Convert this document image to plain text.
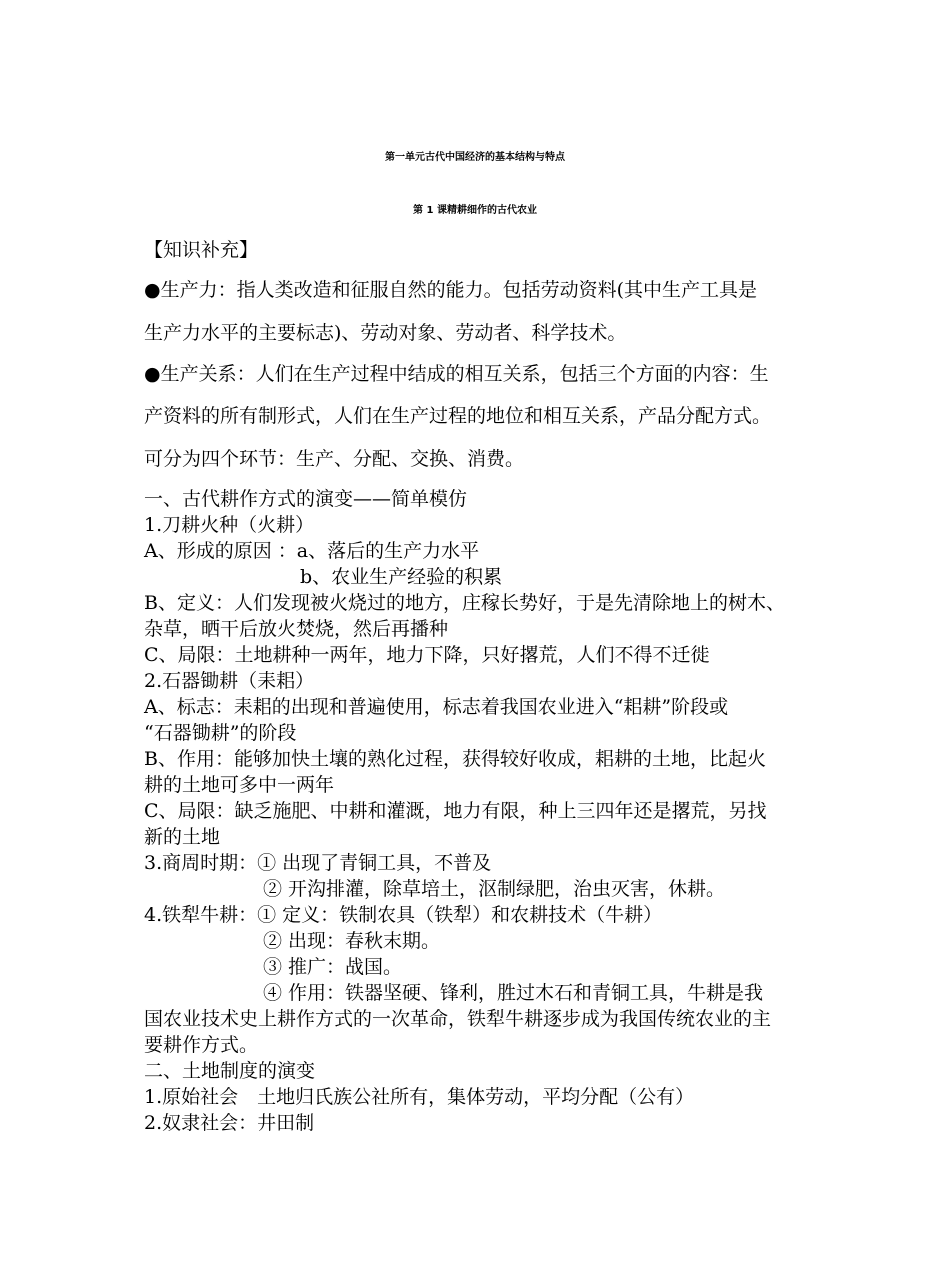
第一单元古代中国经济的基本结构与特点
第 1 课精耕细作的古代农业
【知识补充】
●生产力：指人类改造和征服自然的能力。包括劳动资料(其中生产工具是
生产力水平的主要标志)、劳动对象、劳动者、科学技术。
●生产关系：人们在生产过程中结成的相互关系，包括三个方面的内容：生
产资料的所有制形式，人们在生产过程的地位和相互关系，产品分配方式。
可分为四个环节：生产、分配、交换、消费。
一、古代耕作方式的演变——简单模仿
1.刀耕火种（火耕）
A、形成的原因 ：a、落后的生产力水平
b、农业生产经验的积累
B、定义：人们发现被火烧过的地方，庄稼长势好，于是先清除地上的树木、
杂草，晒干后放火焚烧，然后再播种
C、局限：土地耕种一两年，地力下降，只好撂荒，人们不得不迁徙
2.石器锄耕（耒耜）
A、标志：耒耜的出现和普遍使用，标志着我国农业进入“耜耕”阶段或
“石器锄耕”的阶段
B、作用：能够加快土壤的熟化过程，获得较好收成，耜耕的土地，比起火
耕的土地可多中一两年
C、局限：缺乏施肥、中耕和灌溉，地力有限，种上三四年还是撂荒，另找
新的土地
3.商周时期：① 出现了青铜工具，不普及
② 开沟排灌，除草培土，沤制绿肥，治虫灭害，休耕。
4.铁犁牛耕：① 定义：铁制农具（铁犁）和农耕技术（牛耕）
② 出现：春秋末期。
③ 推广：战国。
④ 作用：铁器坚硬、锋利，胜过木石和青铜工具，牛耕是我
国农业技术史上耕作方式的一次革命，铁犁牛耕逐步成为我国传统农业的主
要耕作方式。
二、土地制度的演变
1.原始社会　土地归氏族公社所有，集体劳动，平均分配（公有）
2.奴隶社会：井田制
